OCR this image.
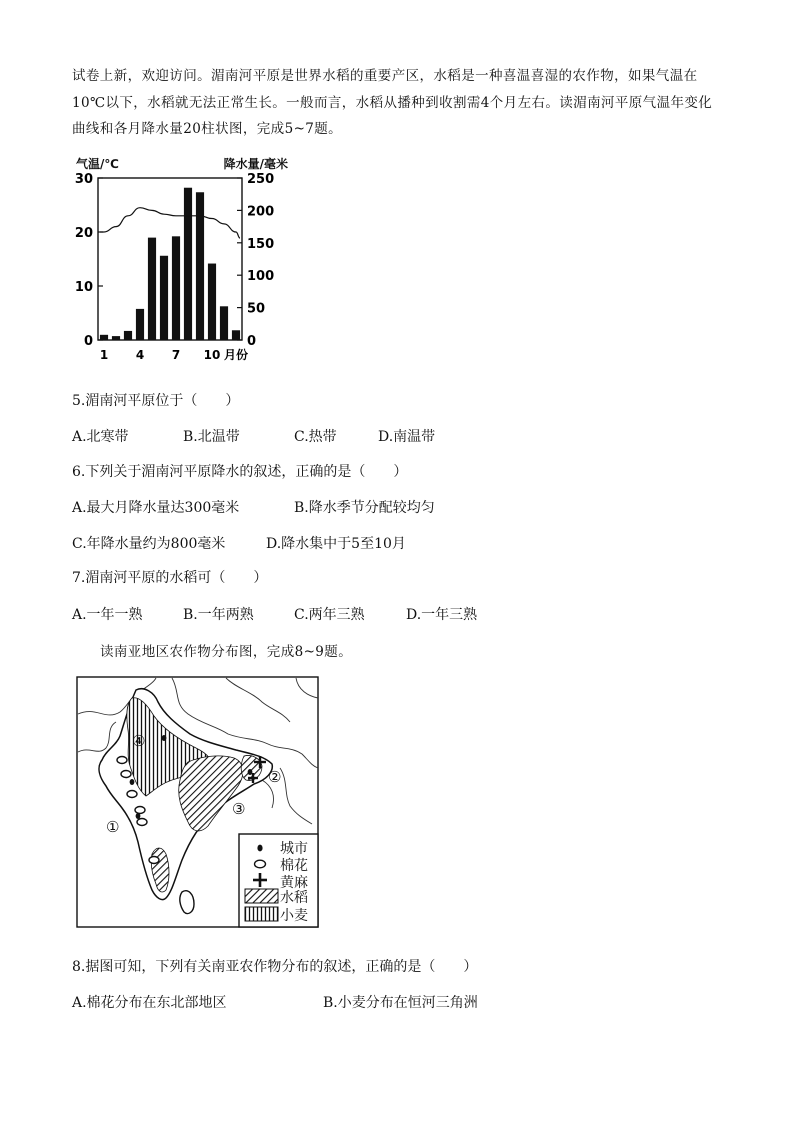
试卷上新，欢迎访问。湄南河平原是世界水稻的重要产区，水稻是一种喜温喜湿的农作物，如果气温在
10℃以下，水稻就无法正常生长。一般而言，水稻从播种到收割需4个月左右。读湄南河平原气温年变化
曲线和各月降水量20柱状图，完成5~7题。
气温/℃	降水量/毫米
30
20
10
0
250
200
150
100
50
0
1 4 7 10 月份
5.湄南河平原位于（　　）
A.北寒带	B.北温带	C.热带	D.南温带
6.下列关于湄南河平原降水的叙述，正确的是（　　）
A.最大月降水量达300毫米	B.降水季节分配较均匀
C.年降水量约为800毫米	D.降水集中于5至10月
7.湄南河平原的水稻可（　　）
A.一年一熟	B.一年两熟	C.两年三熟	D.一年三熟
读南亚地区农作物分布图，完成8~9题。
④
②
③
①
城市
棉花
黄麻
水稻
小麦
8.据图可知，下列有关南亚农作物分布的叙述，正确的是（　　）
A.棉花分布在东北部地区	B.小麦分布在恒河三角洲
